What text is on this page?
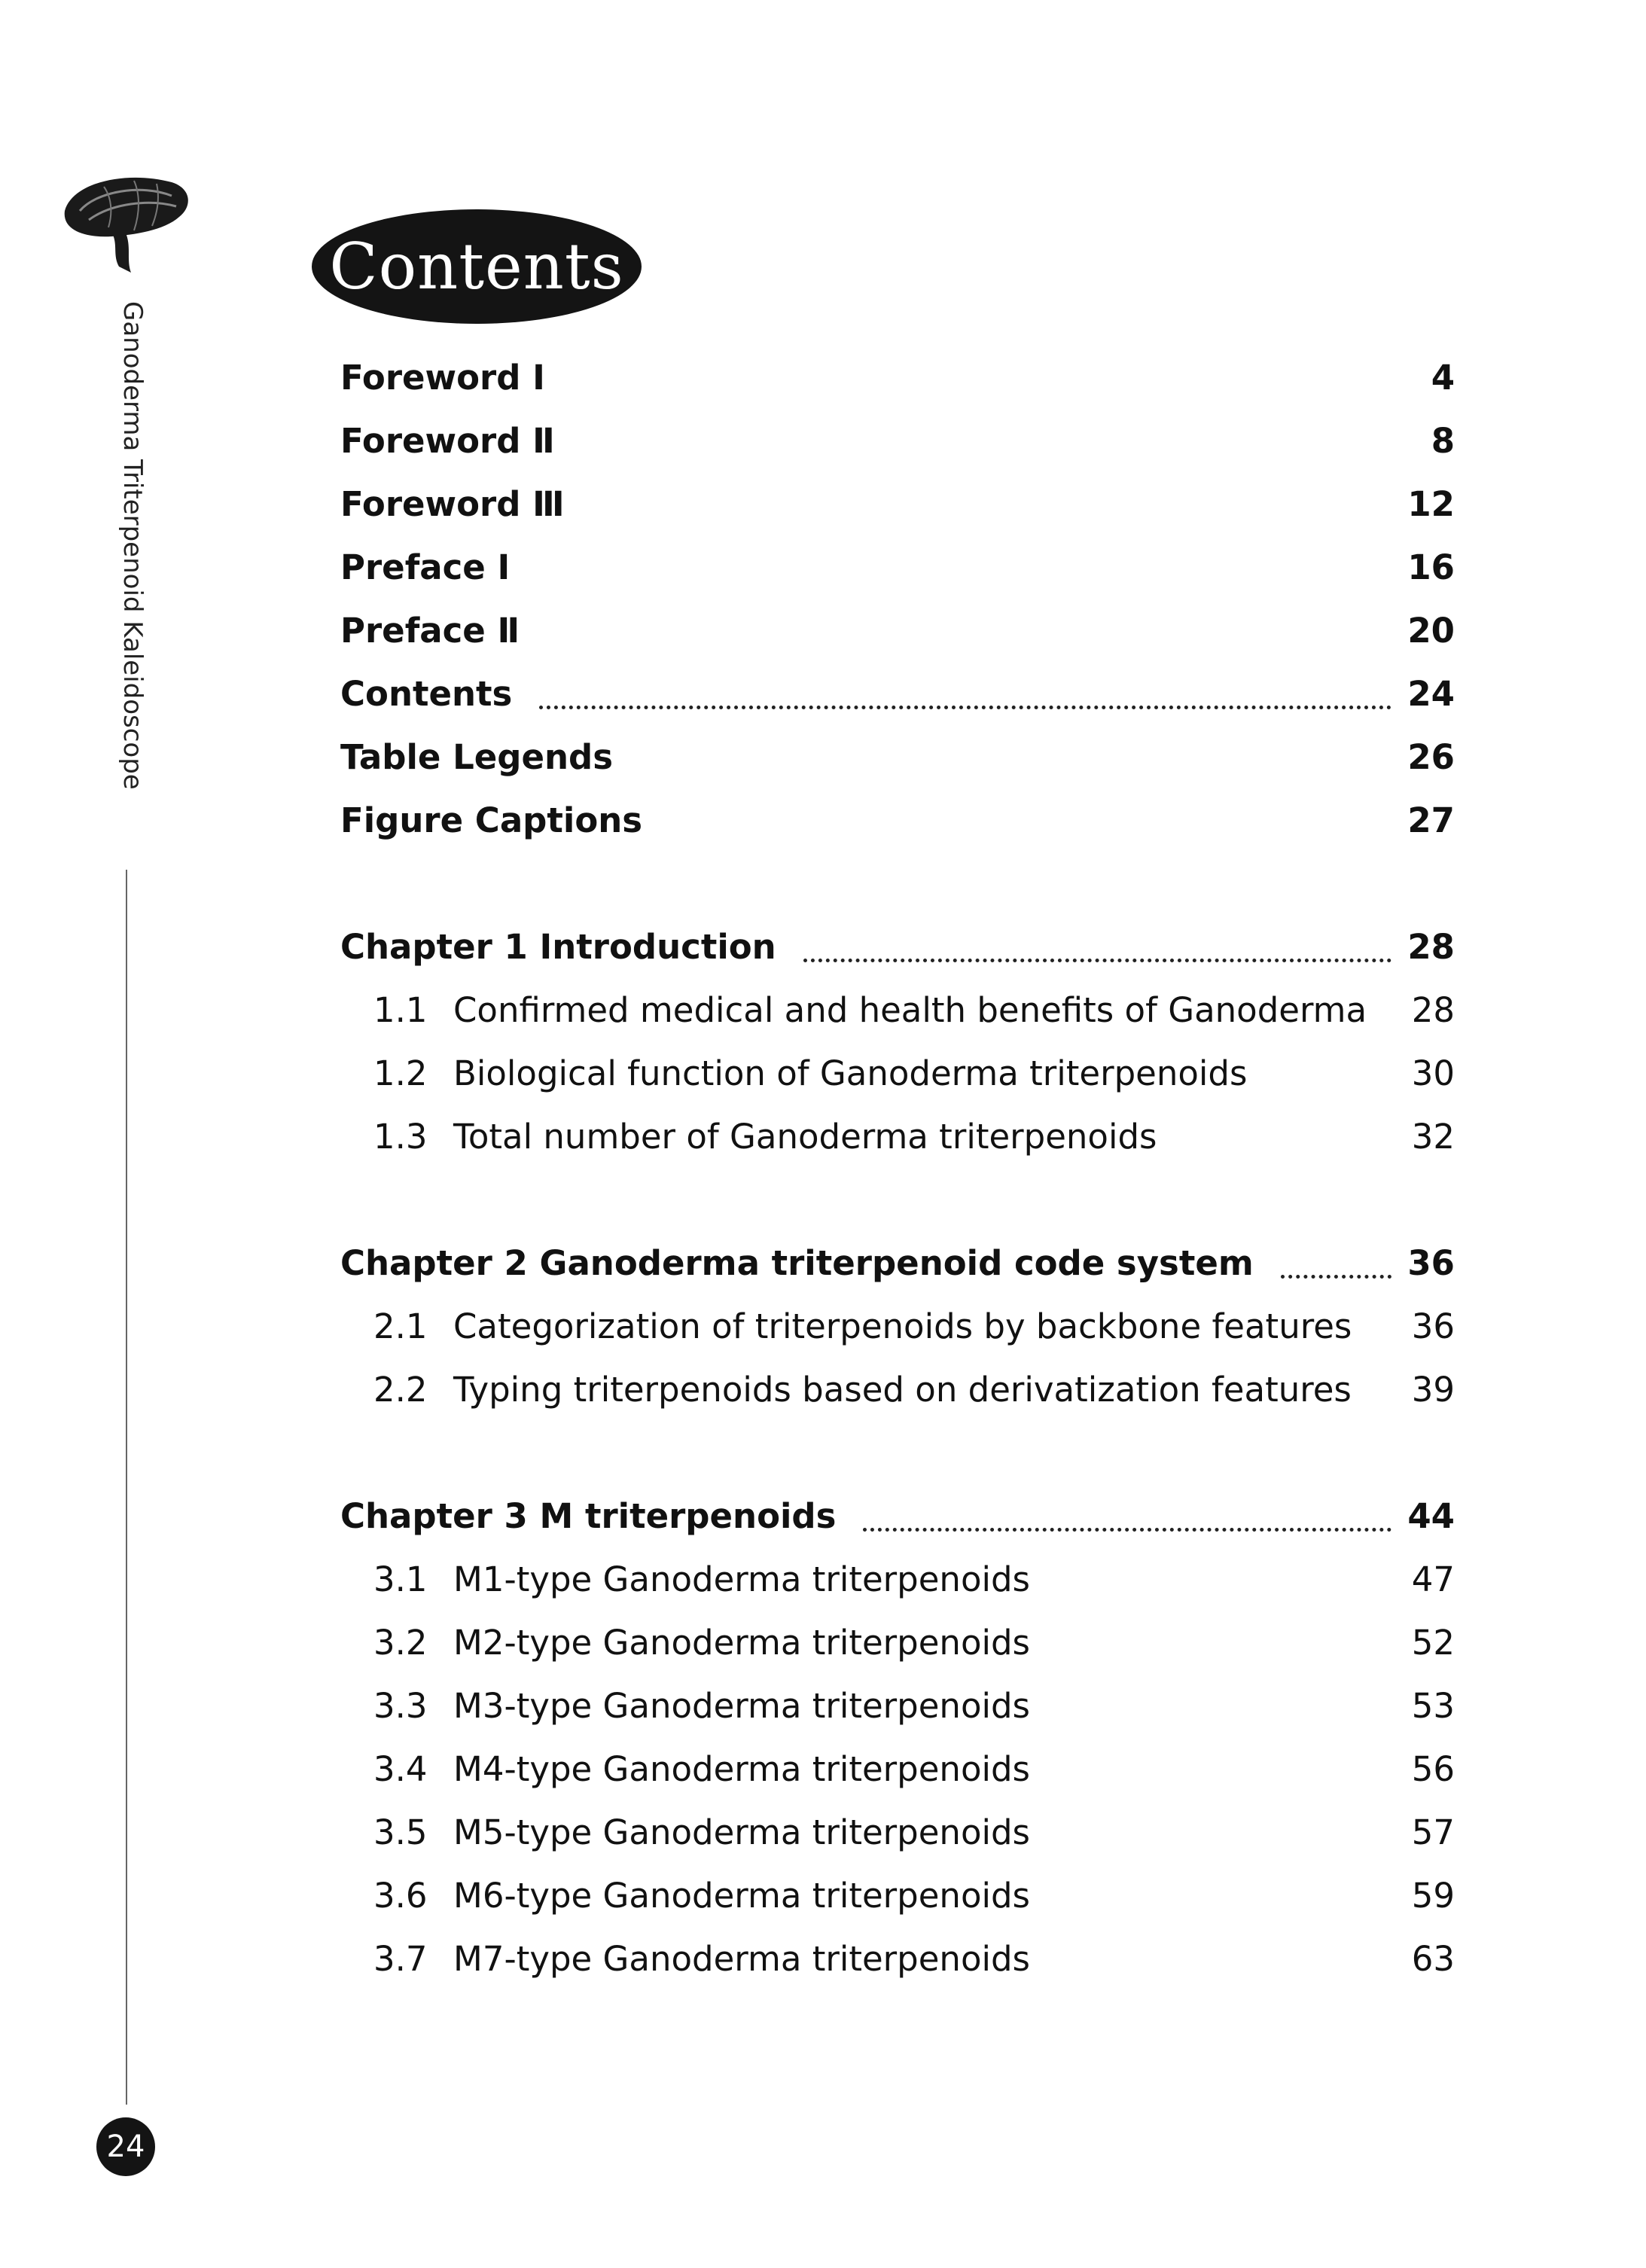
Ganoderma Triterpenoid Kaleidoscope
24
Contents
Foreword Ⅰ	4
Foreword Ⅱ	8
Foreword Ⅲ	12
Preface Ⅰ	16
Preface Ⅱ	20
Contents	24
Table Legends	26
Figure Captions	27
Chapter 1 Introduction	28
1.1 Confirmed medical and health benefits of Ganoderma 28
1.2 Biological function of Ganoderma triterpenoids	30
1.3 Total number of Ganoderma triterpenoids	32
Chapter 2 Ganoderma triterpenoid code system	36
2.1 Categorization of triterpenoids by backbone features 36
2.2 Typing triterpenoids based on derivatization features 39
Chapter 3 M triterpenoids	44
3.1 M1-type Ganoderma triterpenoids	47
3.2 M2-type Ganoderma triterpenoids	52
3.3 M3-type Ganoderma triterpenoids	53
3.4 M4-type Ganoderma triterpenoids	56
3.5 M5-type Ganoderma triterpenoids	57
3.6 M6-type Ganoderma triterpenoids	59
3.7 M7-type Ganoderma triterpenoids	63
